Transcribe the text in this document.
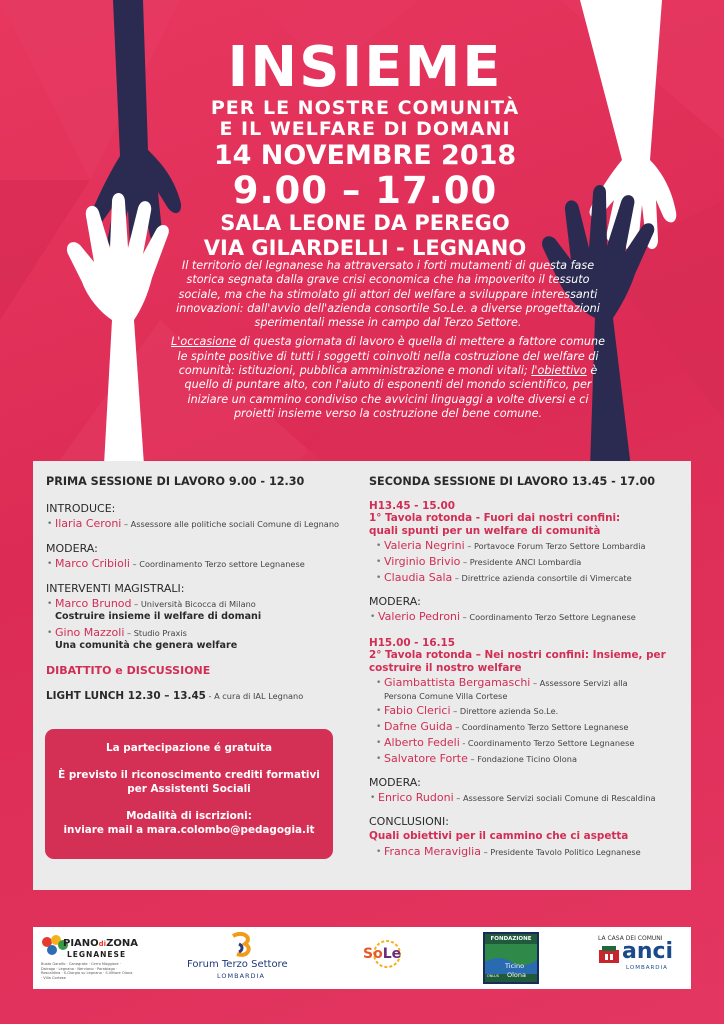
INSIEME
PER LE NOSTRE COMUNITÀ
E IL WELFARE DI DOMANI
14 NOVEMBRE 2018
9.00 – 17.00
SALA LEONE DA PEREGO
VIA GILARDELLI - LEGNANO

Il territorio del legnanese ha attraversato i forti mutamenti di questa fase storica segnata dalla grave crisi economica che ha impoverito il tessuto sociale, ma che ha stimolato gli attori del welfare a sviluppare interessanti innovazioni: dall'avvio dell'azienda consortile So.Le. a diverse progettazioni sperimentali messe in campo dal Terzo Settore.

L'occasione di questa giornata di lavoro è quella di mettere a fattore comune le spinte positive di tutti i soggetti coinvolti nella costruzione del welfare di comunità: istituzioni, pubblica amministrazione e mondi vitali; l'obiettivo è quello di puntare alto, con l'aiuto di esponenti del mondo scientifico, per iniziare un cammino condiviso che avvicini linguaggi a volte diversi e ci proietti insieme verso la costruzione del bene comune.

PRIMA SESSIONE DI LAVORO 9.00 - 12.30
INTRODUCE:
• Ilaria Ceroni – Assessore alle politiche sociali Comune di Legnano
MODERA:
• Marco Cribioli – Coordinamento Terzo settore Legnanese
INTERVENTI MAGISTRALI:
• Marco Brunod – Università Bicocca di Milano
Costruire insieme il welfare di domani
• Gino Mazzoli – Studio Praxis
Una comunità che genera welfare
DIBATTITO e DISCUSSIONE
LIGHT LUNCH 12.30 – 13.45 - A cura di IAL Legnano
La partecipazione é gratuita
È previsto il riconoscimento crediti formativi
per Assistenti Sociali
Modalità di iscrizioni:
inviare mail a mara.colombo@pedagogia.it
SECONDA SESSIONE DI LAVORO 13.45 - 17.00
H13.45 - 15.00
1° Tavola rotonda - Fuori dai nostri confini:
quali spunti per un welfare di comunità
• Valeria Negrini – Portavoce Forum Terzo Settore Lombardia
• Virginio Brivio – Presidente ANCI Lombardia
• Claudia Sala – Direttrice azienda consortile di Vimercate
MODERA:
• Valerio Pedroni – Coordinamento Terzo Settore Legnanese
H15.00 - 16.15
2° Tavola rotonda – Nei nostri confini: Insieme, per
costruire il nostro welfare
• Giambattista Bergamaschi – Assessore Servizi alla
Persona Comune Villa Cortese
• Fabio Clerici – Direttore azienda So.Le.
• Dafne Guida – Coordinamento Terzo Settore Legnanese
• Alberto Fedeli - Coordinamento Terzo Settore Legnanese
• Salvatore Forte – Fondazione Ticino Olona
MODERA:
• Enrico Rudoni – Assessore Servizi sociali Comune di Rescaldina
CONCLUSIONI:
Quali obiettivi per il cammino che ci aspetta
• Franca Meraviglia – Presidente Tavolo Politico Legnanese
PIANOdiZONA
LEGNANESE
Busto Garolfo · Canegrate · Cerro Maggiore · Dairago · Legnano · Nerviano · Parabiago · Rescaldina · S.Giorgio su Legnano · S.Vittore Olona · Villa Cortese
Forum Terzo Settore
LOMBARDIA
SoLe
FONDAZIONE
Ticino
Olona
ONLUS
LA CASA DEI COMUNI
anci
LOMBARDIA
